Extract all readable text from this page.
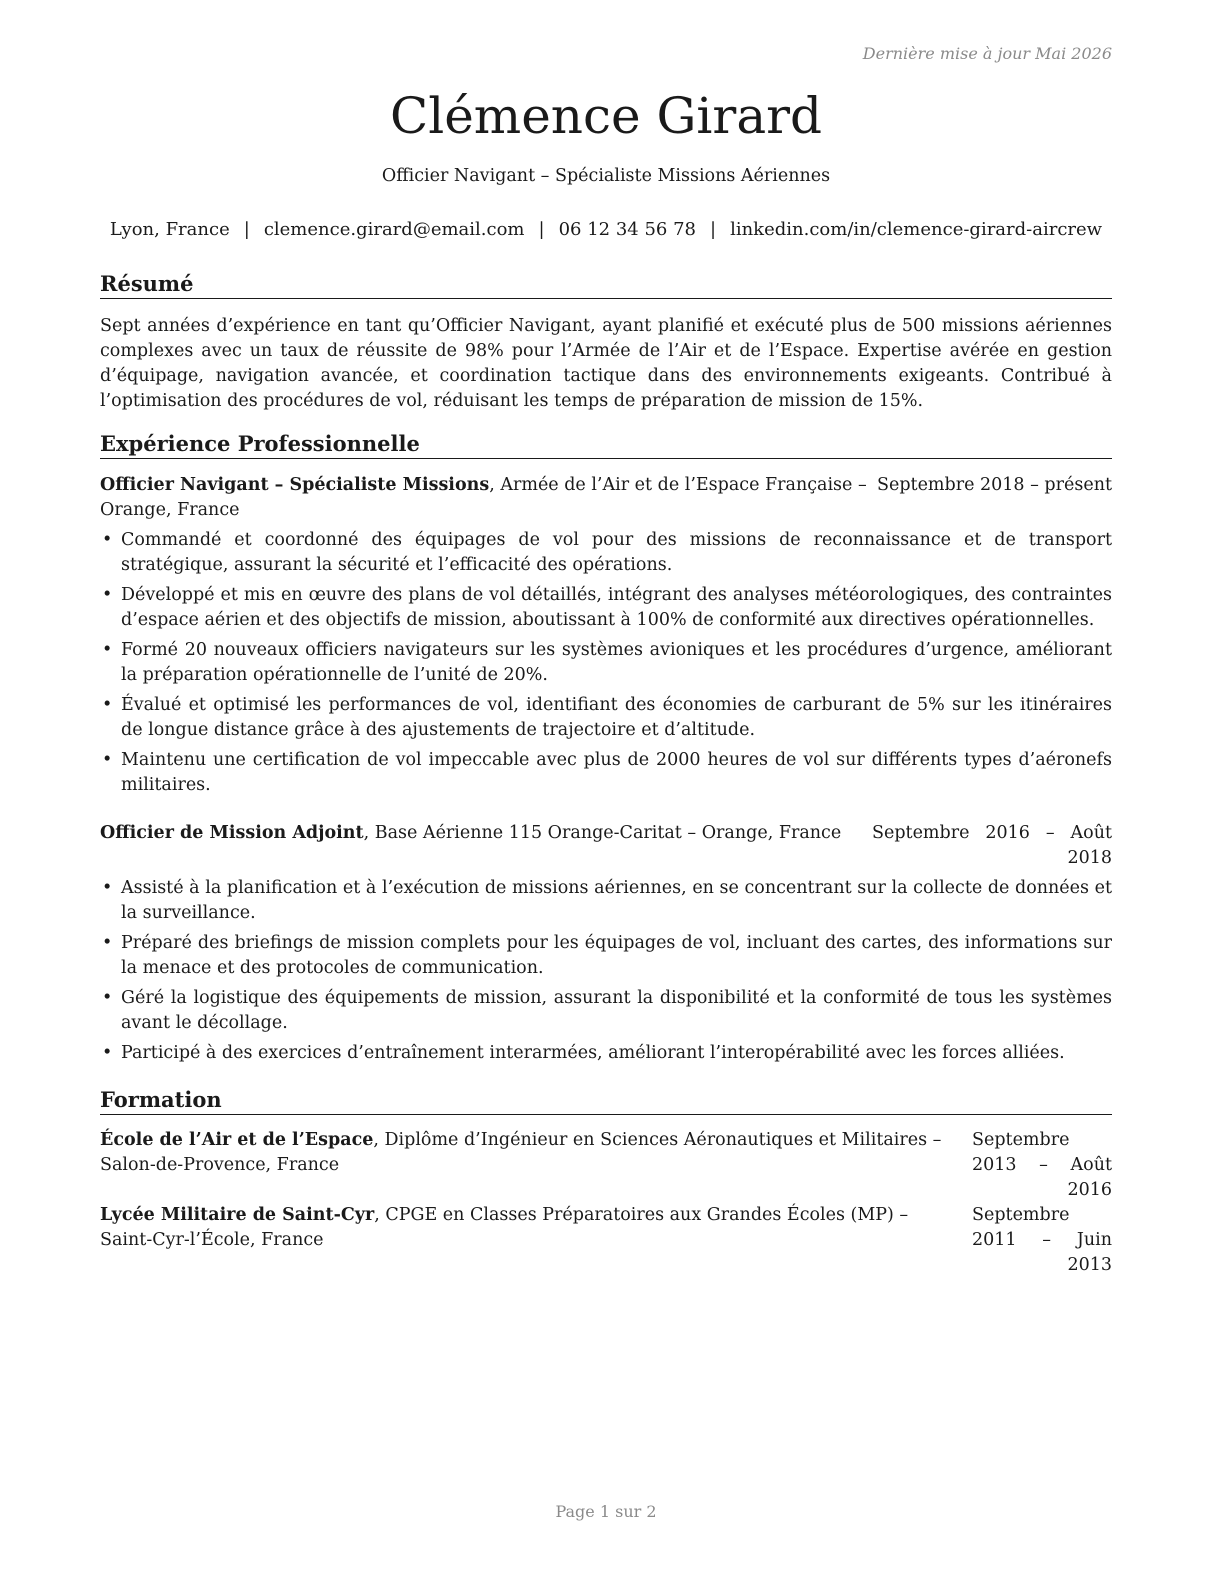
Dernière mise à jour Mai 2026
Clémence Girard
Officier Navigant – Spécialiste Missions Aériennes
Lyon, France | clemence.girard@email.com | 06 12 34 56 78 | linkedin.com/in/clemence-girard-aircrew
Résumé
Sept années d’expérience en tant qu’Officier Navigant, ayant planifié et exécuté plus de 500 missions aériennes complexes avec un taux de réussite de 98% pour l’Armée de l’Air et de l’Espace. Expertise avérée en gestion d’équipage, navigation avancée, et coordination tactique dans des environnements exigeants. Contribué à l’optimisation des procédures de vol, réduisant les temps de préparation de mission de 15%.
Expérience Professionnelle
Officier Navigant – Spécialiste Missions, Armée de l’Air et de l’Espace Française – Orange, France
Septembre 2018 – présent
• Commandé et coordonné des équipages de vol pour des missions de reconnaissance et de transport stratégique, assurant la sécurité et l’efficacité des opérations.
• Développé et mis en œuvre des plans de vol détaillés, intégrant des analyses météorologiques, des contraintes d’espace aérien et des objectifs de mission, aboutissant à 100% de conformité aux directives opérationnelles.
• Formé 20 nouveaux officiers navigateurs sur les systèmes avioniques et les procédures d’urgence, améliorant la préparation opérationnelle de l’unité de 20%.
• Évalué et optimisé les performances de vol, identifiant des économies de carburant de 5% sur les itinéraires de longue distance grâce à des ajustements de trajectoire et d’altitude.
• Maintenu une certification de vol impeccable avec plus de 2000 heures de vol sur différents types d’aéronefs militaires.
Officier de Mission Adjoint, Base Aérienne 115 Orange-Caritat – Orange, France	Septembre 2016 – Août 2018
• Assisté à la planification et à l’exécution de missions aériennes, en se concentrant sur la collecte de données et la surveillance.
• Préparé des briefings de mission complets pour les équipages de vol, incluant des cartes, des informations sur la menace et des protocoles de communication.
• Géré la logistique des équipements de mission, assurant la disponibilité et la conformité de tous les systèmes avant le décollage.
• Participé à des exercices d’entraînement interarmées, améliorant l’interopérabilité avec les forces alliées.
Formation
École de l’Air et de l’Espace, Diplôme d’Ingénieur en Sciences Aéronautiques et Militaires – Salon-de-Provence, France
Septembre 2013 – Août 2016
Lycée Militaire de Saint-Cyr, CPGE en Classes Préparatoires aux Grandes Écoles (MP) – Saint-Cyr-l’École, France
Septembre 2011 – Juin 2013
Page 1 sur 2
